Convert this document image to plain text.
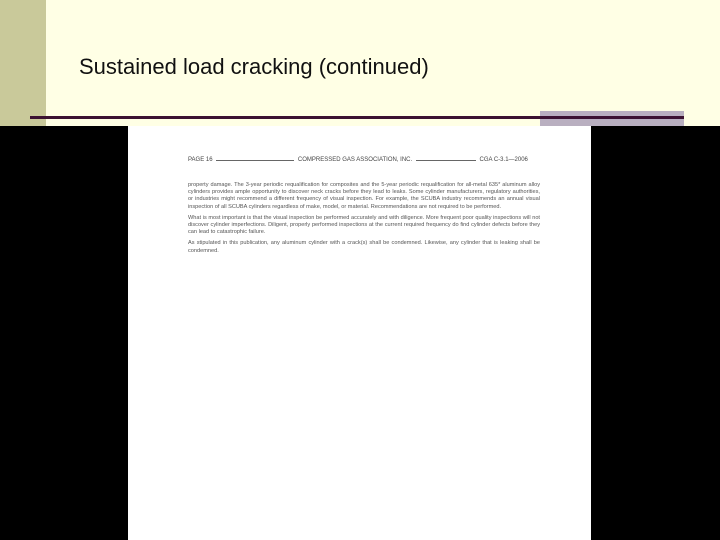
Sustained load cracking (continued)
PAGE 16	COMPRESSED GAS ASSOCIATION, INC.	CGA C-3.1—2006

property damage. The 3-year periodic requalification for composites and the 5-year periodic requalification for all-metal 635* aluminum alloy cylinders provides ample opportunity to discover neck cracks before they lead to leaks. Some cylinder manufacturers, regulatory authorities, or industries might recommend a different frequency of visual inspection. For example, the SCUBA industry recommends an annual visual inspection of all SCUBA cylinders regardless of make, model, or material. Recommendations are not required to be performed.

What is most important is that the visual inspection be performed accurately and with diligence. More frequent poor quality inspections will not discover cylinder imperfections. Diligent, properly performed inspections at the current required frequency do find cylinder defects before they can lead to catastrophic failure.

As stipulated in this publication, any aluminum cylinder with a crack(s) shall be condemned. Likewise, any cylinder that is leaking shall be condemned.
